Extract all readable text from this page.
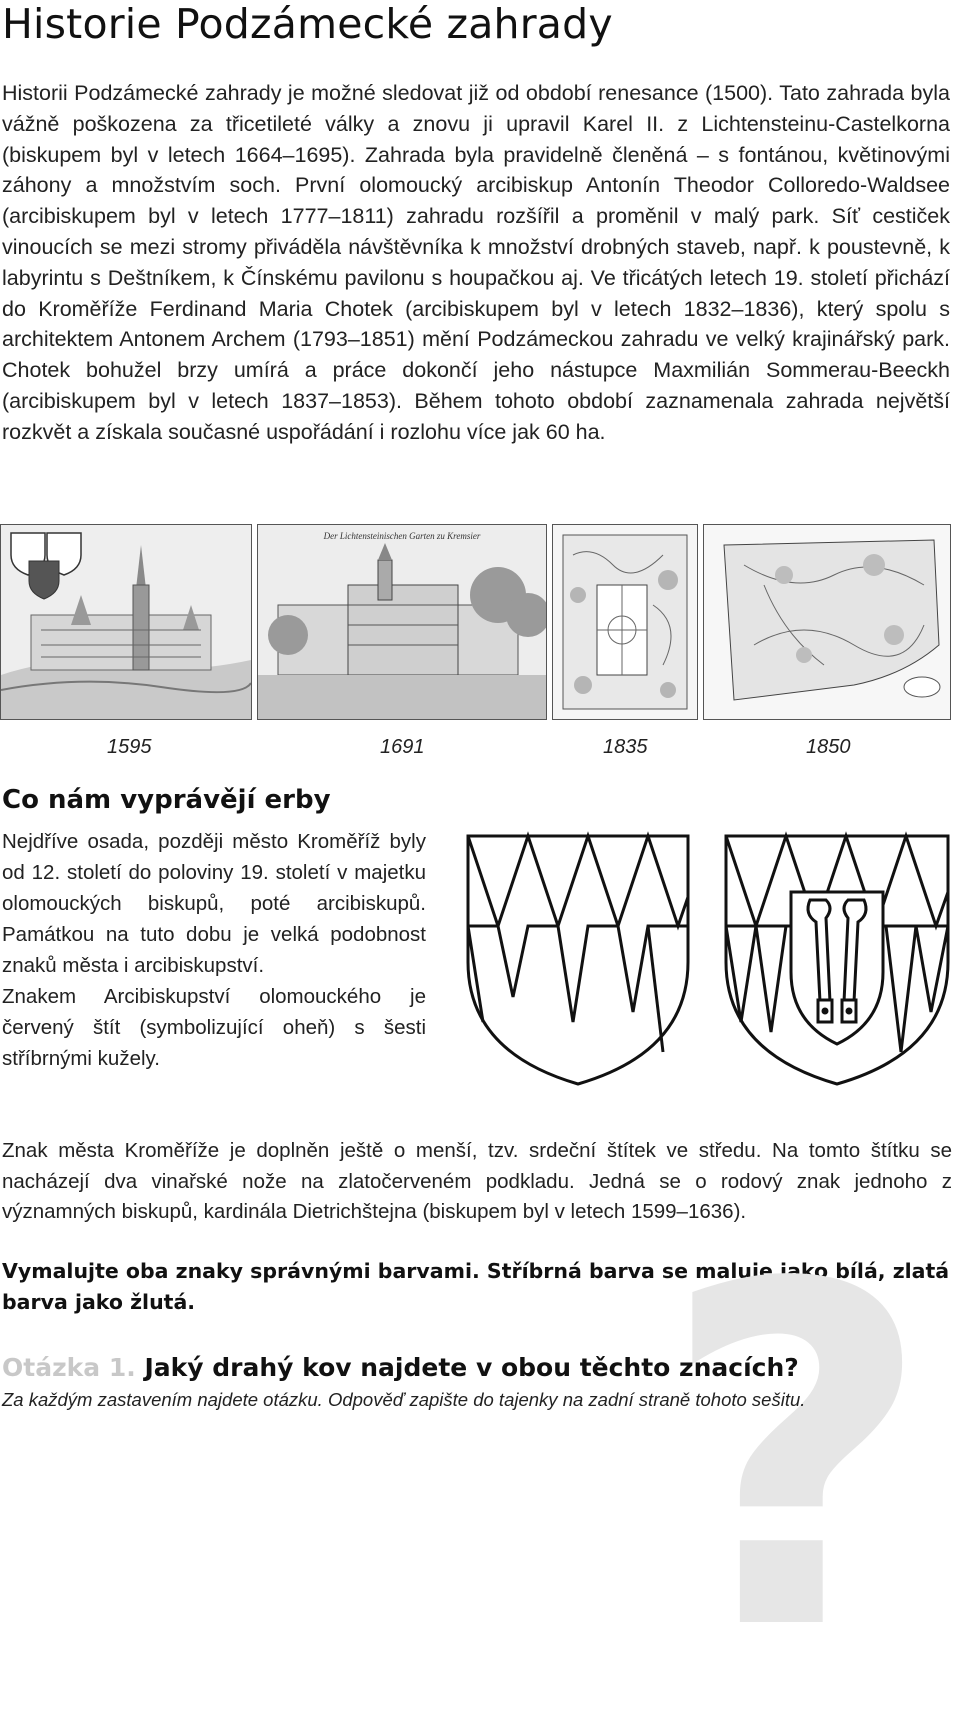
Historie Podzámecké zahrady

Historii Podzámecké zahrady je možné sledovat již od období renesance (1500). Tato zahrada byla vážně poškozena za třicetileté války a znovu ji upravil Karel II. z Lichtensteinu-Castelkorna (biskupem byl v letech 1664–1695). Zahrada byla pravidelně členěná – s fontánou, květinovými záhony a množstvím soch. První olomoucký arcibiskup Antonín Theodor Colloredo-Waldsee (arcibiskupem byl v letech 1777–1811) zahradu rozšířil a proměnil v malý park. Síť cestiček vinoucích se mezi stromy přiváděla návštěvníka k množství drobných staveb, např. k poustevně, k labyrintu s Deštníkem, k Čínskému pavilonu s houpačkou aj. Ve třicátých letech 19. století přichází do Kroměříže Ferdinand Maria Chotek (arcibiskupem byl v letech 1832–1836), který spolu s architektem Antonem Archem (1793–1851) mění Podzámeckou zahradu ve velký krajinářský park. Chotek bohužel brzy umírá a práce dokončí jeho nástupce Maxmilián Sommerau-Beeckh (arcibiskupem byl v letech 1837–1853). Během tohoto období zaznamenala zahrada největší rozkvět a získala současné uspořádání i rozlohu více jak 60 ha.

Der Lichtensteinischen Garten zu Kremsier
1595	1691	1835	1850
Co nám vyprávějí erby

Nejdříve osada, později město Kroměříž byly od 12. století do poloviny 19. století v majetku olomouckých biskupů, poté arcibiskupů. Památkou na tuto dobu je velká podobnost znaků města i arcibiskupství.

Znakem Arcibiskupství olomouckého je červený štít (symbolizující oheň) s šesti stříbrnými kužely.

Znak města Kroměříže je doplněn ještě o menší, tzv. srdeční štítek ve středu. Na tomto štítku se nacházejí dva vinařské nože na zlatočerveném podkladu. Jedná se o rodový znak jednoho z významných biskupů, kardinála Dietrichštejna (biskupem byl v letech 1599–1636).

Vymalujte oba znaky správnými barvami. Stříbrná barva se maluje jako bílá, zlatá barva jako žlutá. ?

Otázka 1. Jaký drahý kov najdete v obou těchto znacích?

Za každým zastavením najdete otázku. Odpověď zapište do tajenky na zadní straně tohoto sešitu.
